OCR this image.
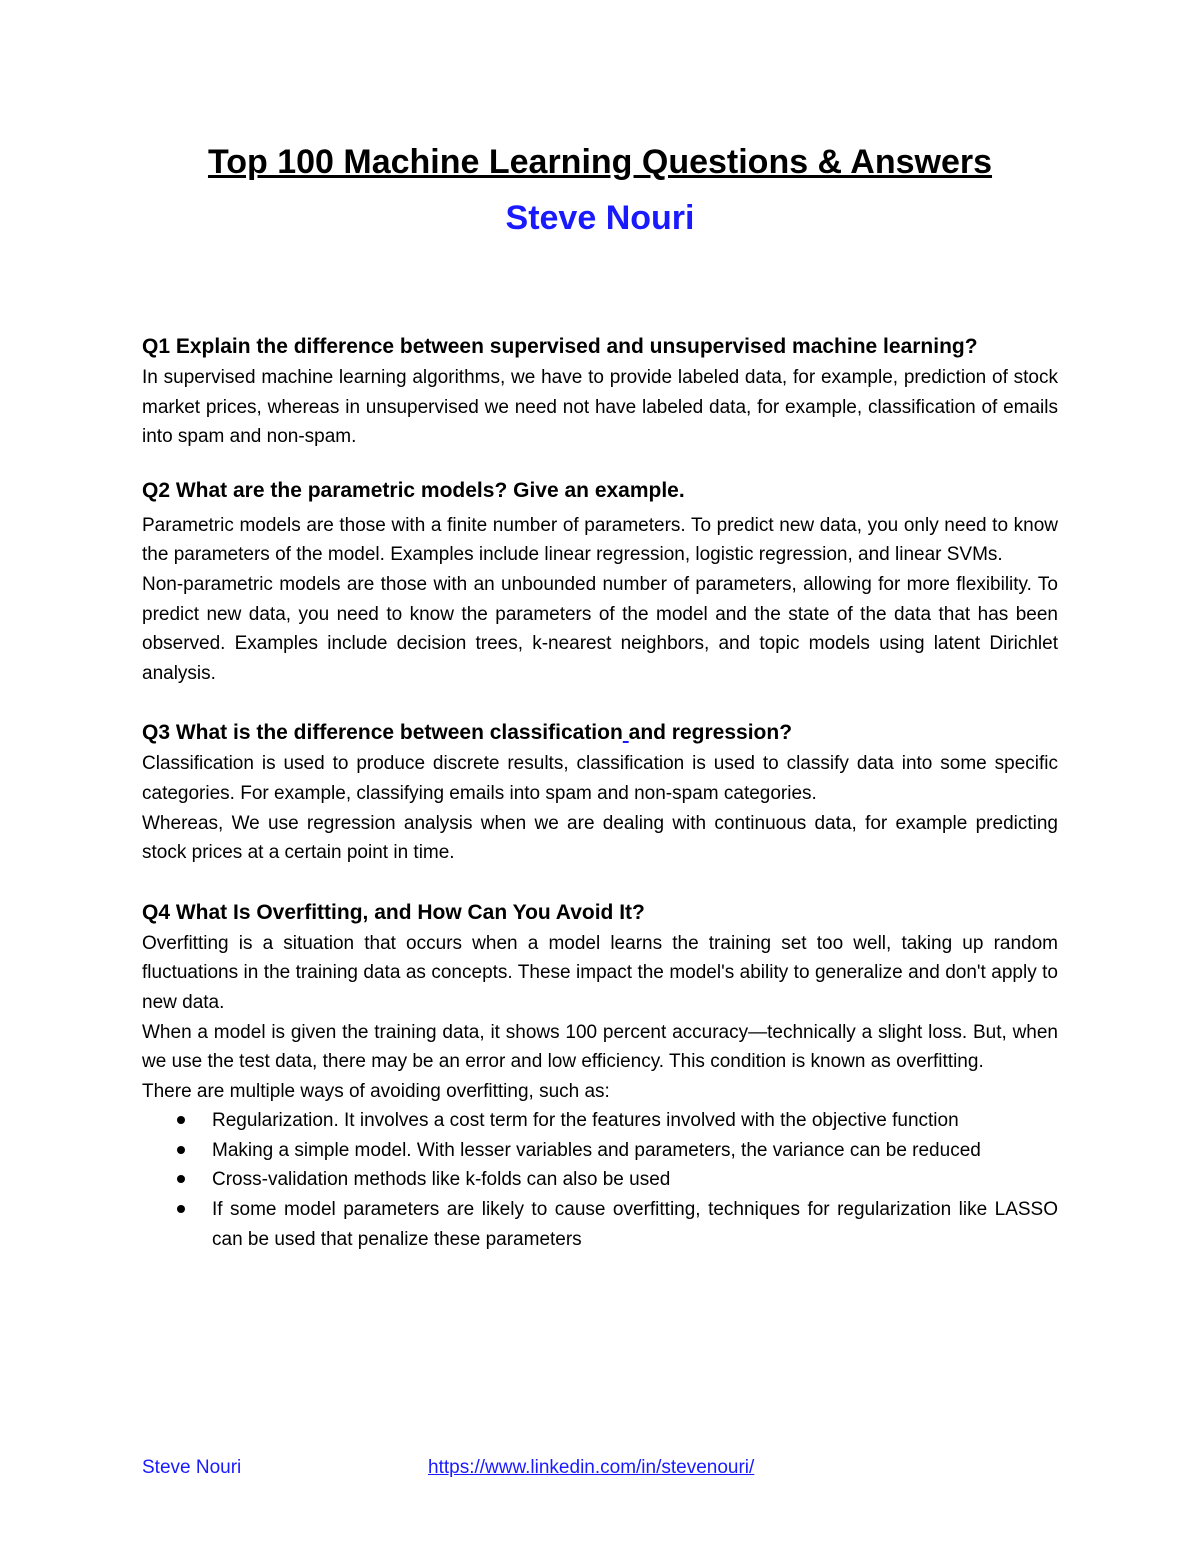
Top 100 Machine Learning Questions & Answers
Steve Nouri

Q1 Explain the difference between supervised and unsupervised machine learning?

In supervised machine learning algorithms, we have to provide labeled data, for example, prediction of stock market prices, whereas in unsupervised we need not have labeled data, for example, classification of emails into spam and non-spam.

Q2 What are the parametric models? Give an example.

Parametric models are those with a finite number of parameters. To predict new data, you only need to know the parameters of the model. Examples include linear regression, logistic regression, and linear SVMs.

Non-parametric models are those with an unbounded number of parameters, allowing for more flexibility. To predict new data, you need to know the parameters of the model and the state of the data that has been observed. Examples include decision trees, k-nearest neighbors, and topic models using latent Dirichlet analysis.

Q3 What is the difference between classification and regression?

Classification is used to produce discrete results, classification is used to classify data into some specific categories. For example, classifying emails into spam and non-spam categories.

Whereas, We use regression analysis when we are dealing with continuous data, for example predicting stock prices at a certain point in time.

Q4 What Is Overfitting, and How Can You Avoid It?

Overfitting is a situation that occurs when a model learns the training set too well, taking up random fluctuations in the training data as concepts. These impact the model's ability to generalize and don't apply to new data.

When a model is given the training data, it shows 100 percent accuracy—technically a slight loss. But, when we use the test data, there may be an error and low efficiency. This condition is known as overfitting.

There are multiple ways of avoiding overfitting, such as:

Regularization. It involves a cost term for the features involved with the objective function
Making a simple model. With lesser variables and parameters, the variance can be reduced
Cross-validation methods like k-folds can also be used
If some model parameters are likely to cause overfitting, techniques for regularization like LASSO can be used that penalize these parameters
Steve Nouri	https://www.linkedin.com/in/stevenouri/
